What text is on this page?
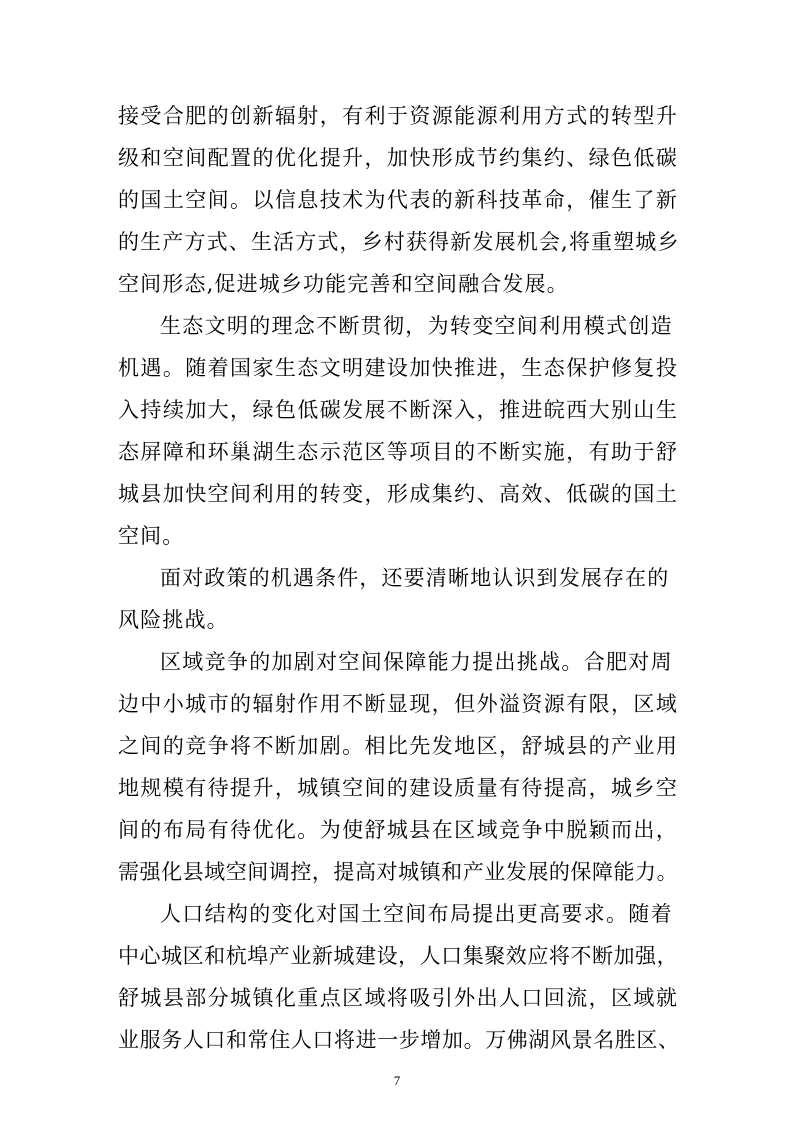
接受合肥的创新辐射，有利于资源能源利用方式的转型升
级和空间配置的优化提升，加快形成节约集约、绿色低碳
的国土空间。以信息技术为代表的新科技革命，催生了新
的生产方式、生活方式，乡村获得新发展机会,将重塑城乡
空间形态,促进城乡功能完善和空间融合发展。
生态文明的理念不断贯彻，为转变空间利用模式创造
机遇。随着国家生态文明建设加快推进，生态保护修复投
入持续加大，绿色低碳发展不断深入，推进皖西大别山生
态屏障和环巢湖生态示范区等项目的不断实施，有助于舒
城县加快空间利用的转变，形成集约、高效、低碳的国土
空间。
面对政策的机遇条件，还要清晰地认识到发展存在的
风险挑战。
区域竞争的加剧对空间保障能力提出挑战。合肥对周
边中小城市的辐射作用不断显现，但外溢资源有限，区域
之间的竞争将不断加剧。相比先发地区，舒城县的产业用
地规模有待提升，城镇空间的建设质量有待提高，城乡空
间的布局有待优化。为使舒城县在区域竞争中脱颖而出，
需强化县域空间调控，提高对城镇和产业发展的保障能力。
人口结构的变化对国土空间布局提出更高要求。随着
中心城区和杭埠产业新城建设，人口集聚效应将不断加强，
舒城县部分城镇化重点区域将吸引外出人口回流，区域就
业服务人口和常住人口将进一步增加。万佛湖风景名胜区、
7
